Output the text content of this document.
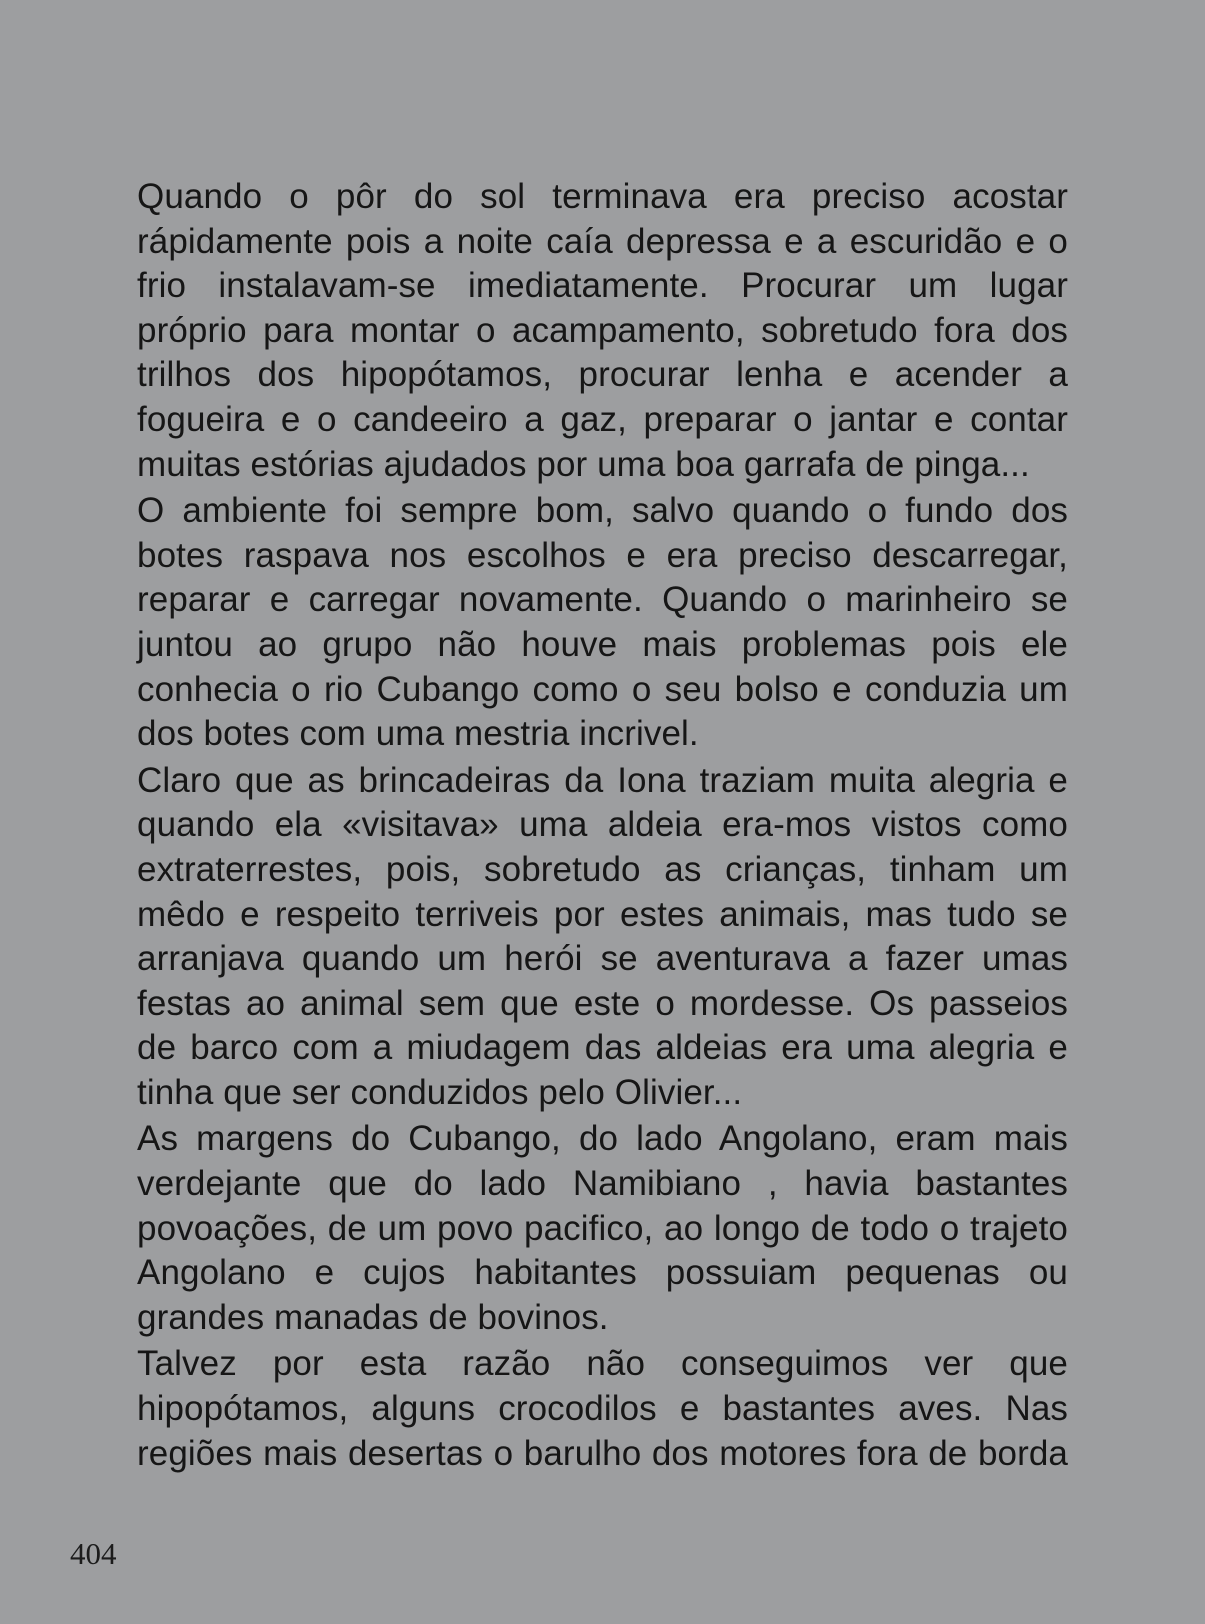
Quando o pôr do sol terminava era preciso acostar rápidamente pois a noite caía depressa e a escuridão e o frio instalavam-se imediatamente. Procurar um lugar próprio para montar o acampamento, sobretudo fora dos trilhos dos hipopótamos, procurar lenha e acender a fogueira e o candeeiro a gaz, preparar o jantar e contar muitas estórias ajudados por uma boa garrafa de pinga...

O ambiente foi sempre bom, salvo quando o fundo dos botes raspava nos escolhos e era preciso descarregar, reparar e carregar novamente. Quando o marinheiro se juntou ao grupo não houve mais problemas pois ele conhecia o rio Cubango como o seu bolso e conduzia um dos botes com uma mestria incrivel.

Claro que as brincadeiras da Iona traziam muita alegria e quando ela «visitava» uma aldeia era-mos vistos como extraterrestes, pois, sobretudo as crianças, tinham um mêdo e respeito terriveis por estes animais, mas tudo se arranjava quando um herói se aventurava a fazer umas festas ao animal sem que este o mordesse. Os passeios de barco com a miudagem das aldeias era uma alegria e tinha que ser conduzidos pelo Olivier...

As margens do Cubango, do lado Angolano, eram mais verdejante que do lado Namibiano , havia bastantes povoações, de um povo pacifico, ao longo de todo o trajeto Angolano e cujos habitantes possuiam pequenas ou grandes manadas de bovinos.

Talvez por esta razão não conseguimos ver que hipopótamos, alguns crocodilos e bastantes aves. Nas regiões mais desertas o barulho dos motores fora de borda

404
